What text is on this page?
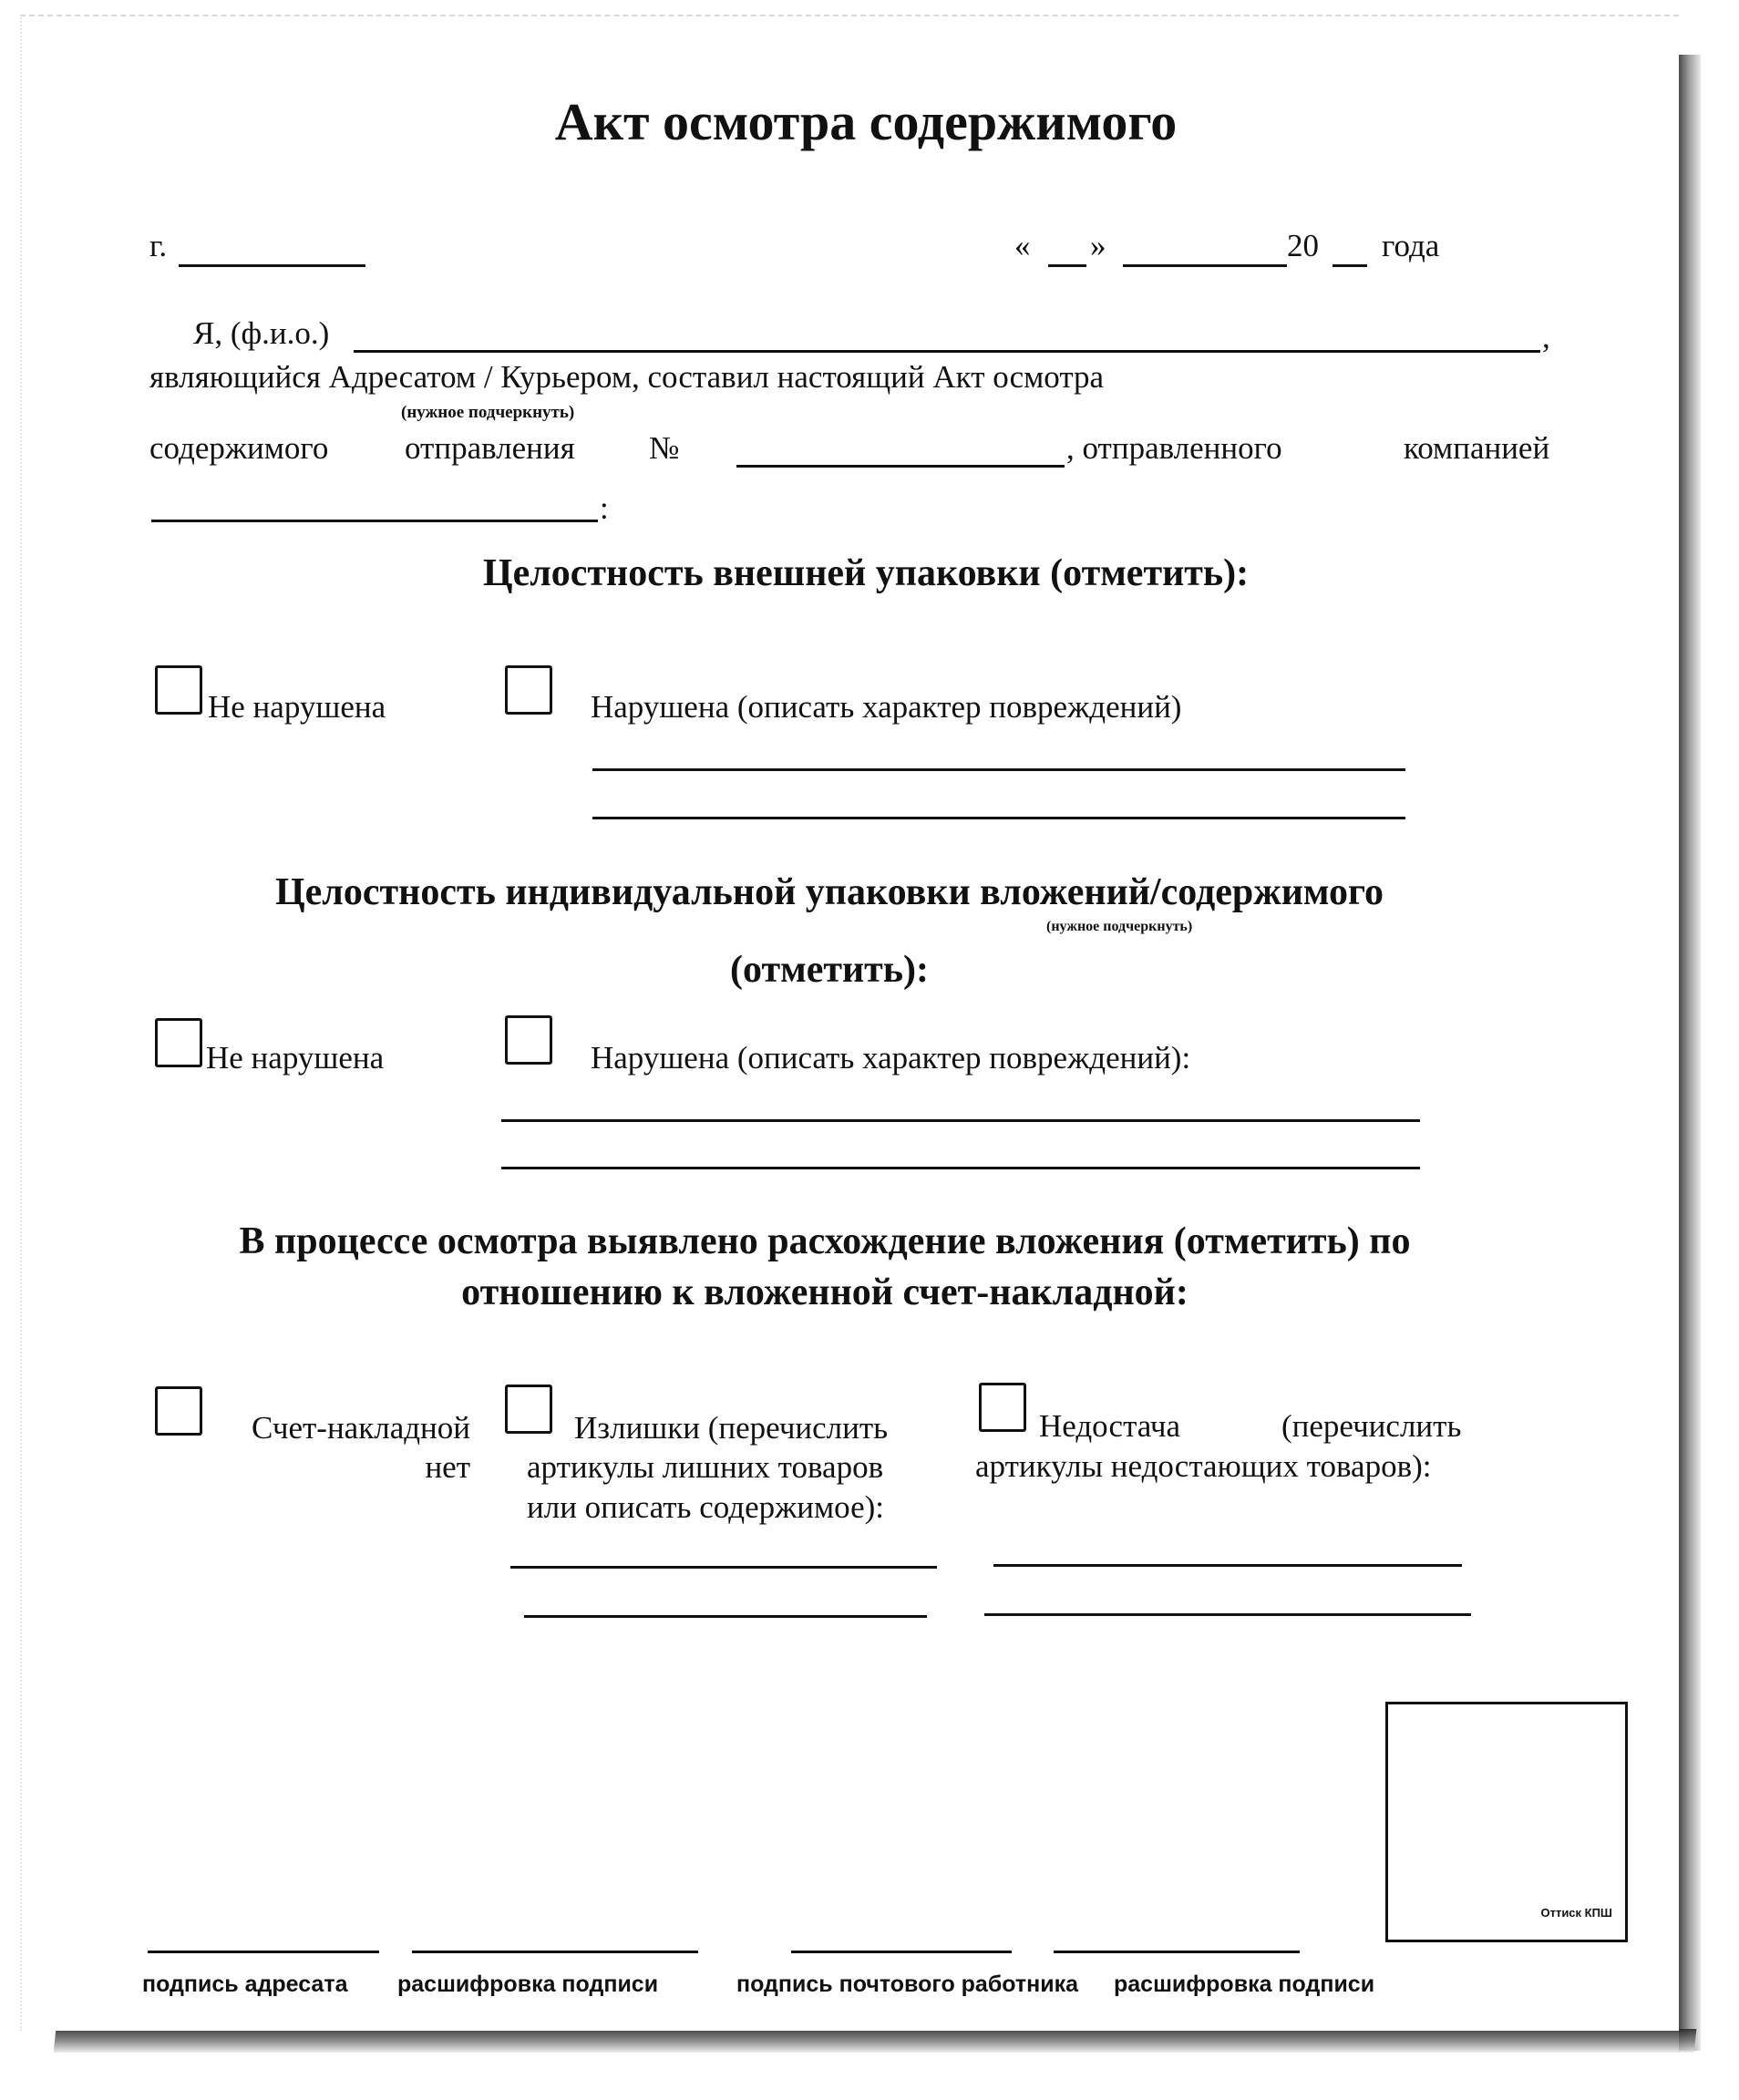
Акт осмотра содержимого
г.	« »	20 года
Я, (ф.и.о.)	,
являющийся Адресатом / Курьером, составил настоящий Акт осмотра
(нужное подчеркнуть)
содержимого отправления №	, отправленного	компанией
:
Целостность внешней упаковки (отметить):
Не нарушена	Нарушена (описать характер повреждений)
Целостность индивидуальной упаковки вложений/содержимого
(нужное подчеркнуть)
(отметить):
Не нарушена	Нарушена (описать характер повреждений):
В процессе осмотра выявлено расхождение вложения (отметить) по
отношению к вложенной счет-накладной:
Счет-накладной
нет
Излишки (перечислить
артикулы лишних товаров
или описать содержимое):
Недостача	(перечислить
артикулы недостающих товаров):
Оттиск КПШ
подпись адресата расшифровка подписи	подпись почтового работника расшифровка подписи
